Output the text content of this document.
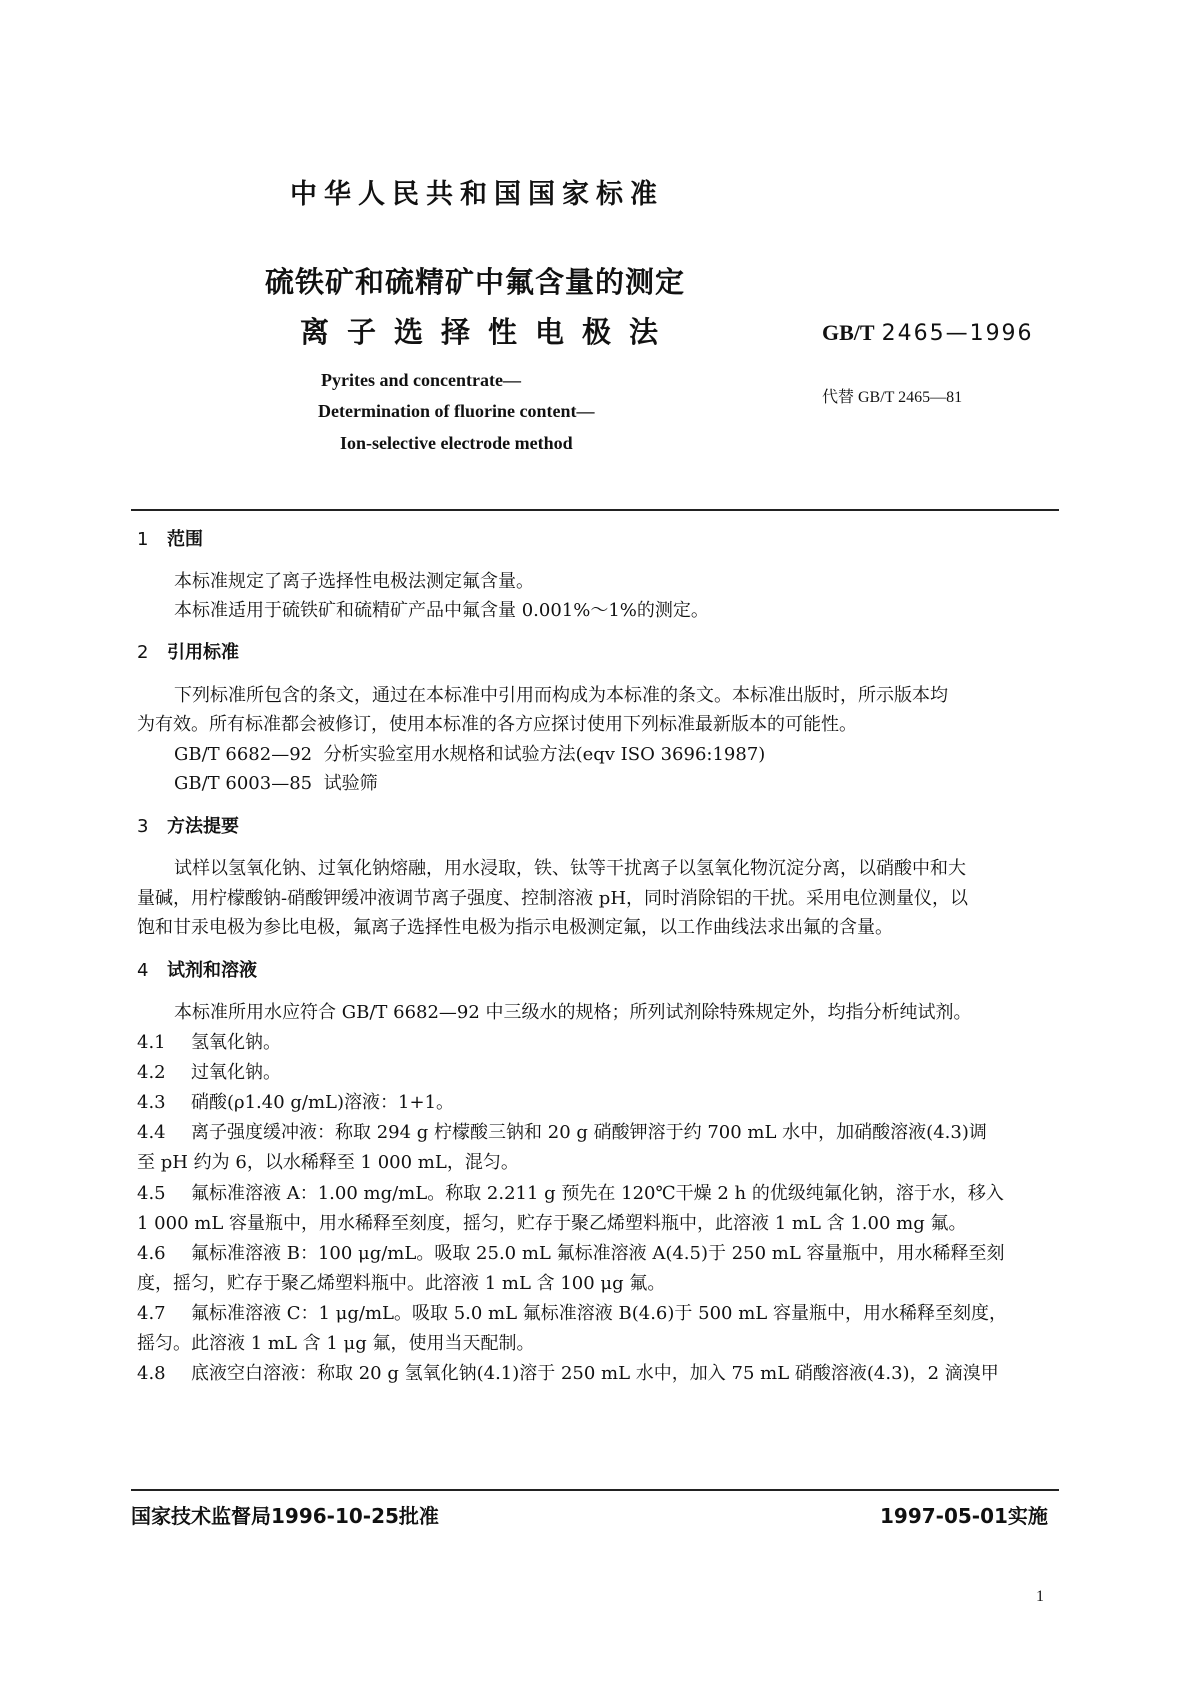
中华人民共和国国家标准
硫铁矿和硫精矿中氟含量的测定
离子选择性电极法	GB/T 2465—1996
代替 GB/T 2465—81
Pyrites and concentrate—
Determination of fluorine content—
Ion-selective electrode method
1 范围
本标准规定了离子选择性电极法测定氟含量。
本标准适用于硫铁矿和硫精矿产品中氟含量 0.001%～1%的测定。
2 引用标准
下列标准所包含的条文，通过在本标准中引用而构成为本标准的条文。本标准出版时，所示版本均
为有效。所有标准都会被修订，使用本标准的各方应探讨使用下列标准最新版本的可能性。
GB/T 6682—92 分析实验室用水规格和试验方法(eqv ISO 3696:1987)
GB/T 6003—85 试验筛
3 方法提要
试样以氢氧化钠、过氧化钠熔融，用水浸取，铁、钛等干扰离子以氢氧化物沉淀分离，以硝酸中和大
量碱，用柠檬酸钠-硝酸钾缓冲液调节离子强度、控制溶液 pH，同时消除铝的干扰。采用电位测量仪，以
饱和甘汞电极为参比电极，氟离子选择性电极为指示电极测定氟，以工作曲线法求出氟的含量。
4 试剂和溶液
本标准所用水应符合 GB/T 6682—92 中三级水的规格；所列试剂除特殊规定外，均指分析纯试剂。
4.1 氢氧化钠。
4.2 过氧化钠。
4.3 硝酸(ρ1.40 g/mL)溶液：1+1。
4.4 离子强度缓冲液：称取 294 g 柠檬酸三钠和 20 g 硝酸钾溶于约 700 mL 水中，加硝酸溶液(4.3)调
至 pH 约为 6，以水稀释至 1 000 mL，混匀。
4.5 氟标准溶液 A：1.00 mg/mL。称取 2.211 g 预先在 120℃干燥 2 h 的优级纯氟化钠，溶于水，移入
1 000 mL 容量瓶中，用水稀释至刻度，摇匀，贮存于聚乙烯塑料瓶中，此溶液 1 mL 含 1.00 mg 氟。
4.6 氟标准溶液 B：100 μg/mL。吸取 25.0 mL 氟标准溶液 A(4.5)于 250 mL 容量瓶中，用水稀释至刻
度，摇匀，贮存于聚乙烯塑料瓶中。此溶液 1 mL 含 100 μg 氟。
4.7 氟标准溶液 C：1 μg/mL。吸取 5.0 mL 氟标准溶液 B(4.6)于 500 mL 容量瓶中，用水稀释至刻度，
摇匀。此溶液 1 mL 含 1 μg 氟，使用当天配制。
4.8 底液空白溶液：称取 20 g 氢氧化钠(4.1)溶于 250 mL 水中，加入 75 mL 硝酸溶液(4.3)，2 滴溴甲
国家技术监督局1996-10-25批准	1997-05-01实施
1
